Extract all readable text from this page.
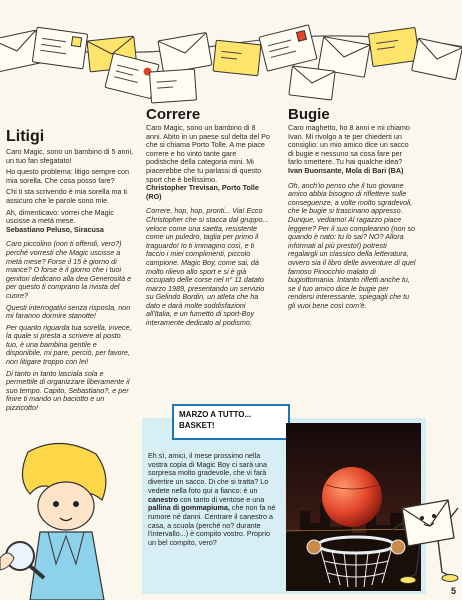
Litigi

Caro Magic, sono un bambino di 5 anni, un tuo fan sfegatato!

Ho questo problema: litigo sempre con mia sorella. Che cosa posso fare?

Chi ti sta scrivendo è mia sorella ma ti assicuro che le parole sono mie.

Ah, dimenticavo: vorrei che Magic uscisse a metà mese.

Sebastiano Peluso, Siracusa

Caro piccolino (non ti offendi, vero?) perché vorresti che Magic uscisse a metà mese? Forse il 15 è giorno di mance? O forse è il giorno che i tuoi genitori dedicano alla dea Generosità e per questo ti comprano la rivista del cuore?

Questi interrogativi senza risposta, non mi faranno dormire stanotte!

Per quanto riguarda tua sorella, invece, la quale si presta a scrivere al posto tuo, è una bambina gentile e disponibile, mi pare, perciò, per favore, non litigare troppo con lei!

Di tanto in tanto lasciala sola e permettile di organizzare liberamente il suo tempo. Capito, Sebastiano?, e per finire ti mando un baciotto e un pizzicotto!

Correre

Caro Magic, sono un bambino di 8 anni. Abito in un paese sul delta del Po che si chiama Porto Tolle. A me piace correre e ho vinto tante gare podistiche della categoria mini. Mi piacerebbe che tu parlassi di questo sport che è bellissimo.

Christopher Trevisan, Porto Tolle (RO)

Correre, hop, hop, pronti... Via! Ecco Christopher che si stacca dal gruppo... veloce come una saetta, resistente come un puledro, taglia per primo il traguardo! Io ti immagino così, e ti faccio i miei complimenti, piccolo campione. Magic Boy, come sai, dà molto rilievo allo sport e si è già occupato delle corse nel n° 11 datato marzo 1989, presentando un servizio su Gelindo Bordin, un atleta che ha dato e darà molte soddisfazioni all'Italia, e un fumetto di sport-Boy interamente dedicato al podismo.

Bugie

Caro maghetto, ho 8 anni e mi chiamo Ivan. Mi rivolgo a te per chiederti un consiglio: un mio amico dice un sacco di bugie e nessuno sa cosa fare per farlo smettere. Tu hai qualche idea?

Ivan Buonsante, Mola di Bari (BA)

Oh, anch'io penso che il tuo giovane amico abbia bisogno di riflettere sulle conseguenze, a volte molto sgradevoli, che le bugie si trascinano appresso. Dunque, vediamo! Al ragazzo piace leggere? Per il suo compleanno (non so quando è nato: tu lo sai? NO? Allora informati al più presto!) potresti regalargli un classico della letteratura, ovvero sia il libro delle avventure di quel famoso Pinocchio malato di bugiottomania. Intanto rifletti anche tu, se il tuo amico dice le bugie per rendersi interessante, spiegagli che tu gli vuoi bene così com'è.

MARZO A TUTTO... BASKET!
Eh sì, amici, il mese prossimo nella vostra copia di Magic Boy ci sarà una sorpresa molto gradevole, che vi farà divertire un sacco. Di che si tratta? Lo vedete nella foto qui a fianco: è un canestro con tanto di ventose e una pallina di gommapiuma, che non fa né rumore né danni. Centrare il canestro a casa, a scuola (perché no? durante l'intervallo...) è compito vostro. Proprio un bel compito, vero?
5
